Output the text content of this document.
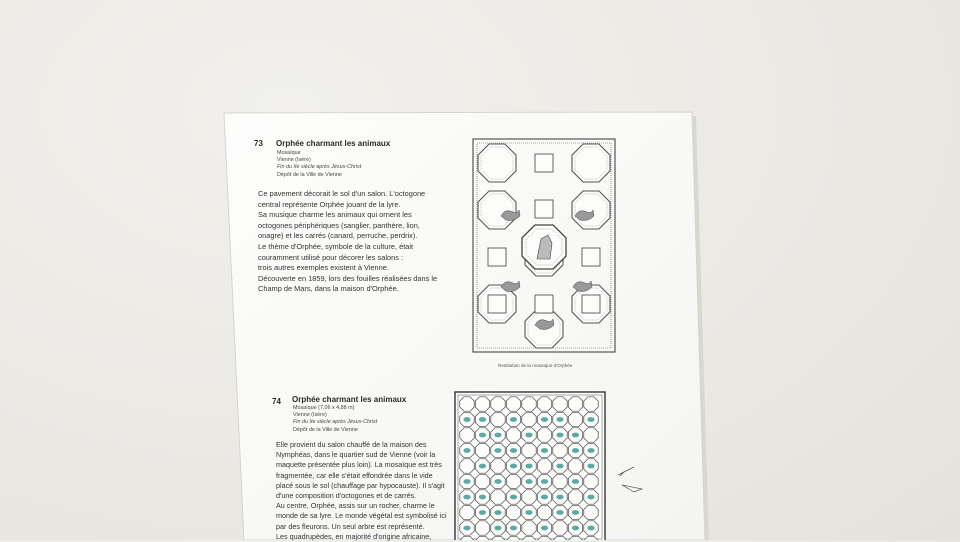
73 Orphée charmant les animaux
Mosaïque
Vienne (Isère)
Fin du IIe siècle après Jésus-Christ
Dépôt de la Ville de Vienne
Ce pavement décorait le sol d'un salon. L'octogone
central représente Orphée jouant de la lyre.
Sa musique charme les animaux qui ornent les
octogones périphériques (sanglier, panthère, lion,
onagre) et les carrés (canard, perruche, perdrix).
Le thème d'Orphée, symbole de la culture, était
couramment utilisé pour décorer les salons :
trois autres exemples existent à Vienne.
Découverte en 1859, lors des fouilles réalisées dans le
Champ de Mars, dans la maison d'Orphée.
Restitution de la mosaïque d'Orphée
74 Orphée charmant les animaux
Mosaïque (7,06 x 4,88 m)
Vienne (Isère)
Fin du IIe siècle après Jésus-Christ
Dépôt de la Ville de Vienne
Elle provient du salon chauffé de la maison des
Nymphéas, dans le quartier sud de Vienne (voir la
maquette présentée plus loin). La mosaïque est très
fragmentée, car elle s'était effondrée dans le vide
placé sous le sol (chauffage par hypocauste). Il s'agit
d'une composition d'octogones et de carrés.
Au centre, Orphée, assis sur un rocher, charme le
monde de sa lyre. Le monde végétal est symbolisé ici
par des fleurons. Un seul arbre est représenté.
Les quadrupèdes, en majorité d'origine africaine,
